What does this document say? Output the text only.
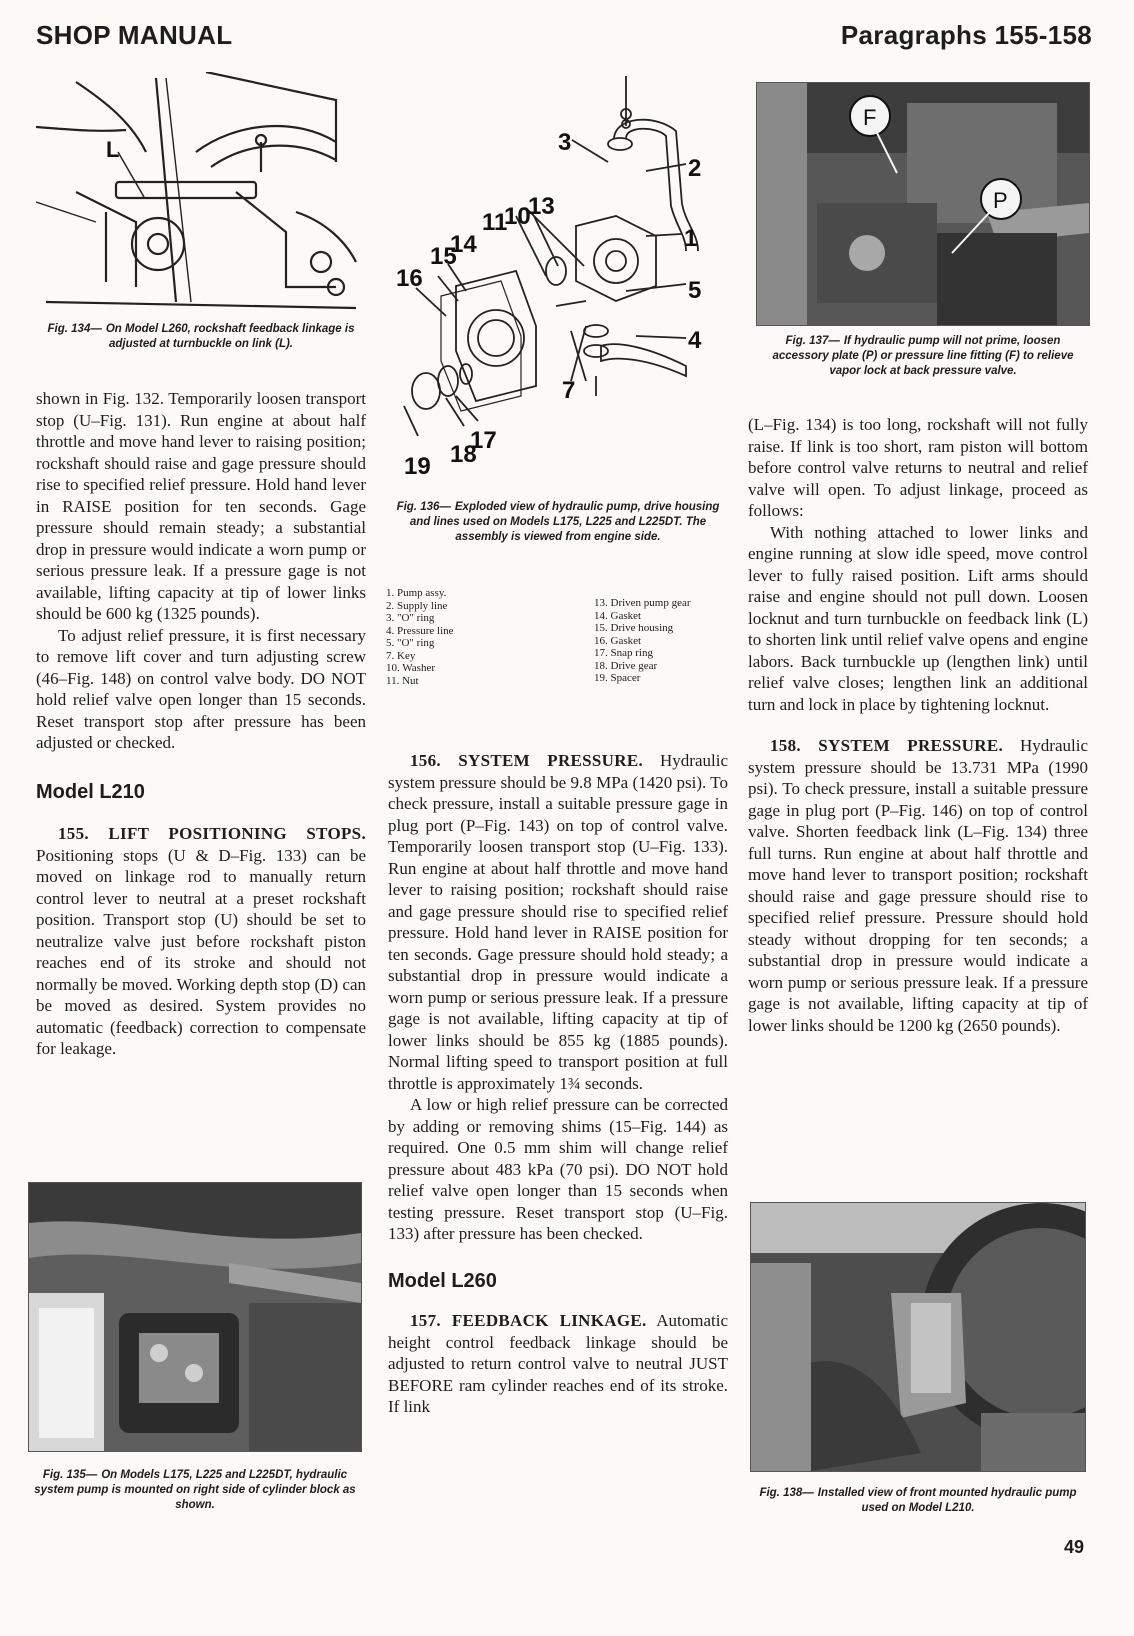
SHOP MANUAL	Paragraphs 155-158
L

Fig. 134— On Model L260, rockshaft feedback linkage is adjusted at turnbuckle on link (L).

shown in Fig. 132. Temporarily loosen transport stop (U–Fig. 131). Run engine at about half throttle and move hand lever to raising position; rockshaft should raise and gage pressure should rise to specified relief pressure. Hold hand lever in RAISE position for ten seconds. Gage pressure should remain steady; a substantial drop in pressure would indicate a worn pump or serious pressure leak. If a pressure gage is not available, lifting capacity at tip of lower links should be 600 kg (1325 pounds).

To adjust relief pressure, it is first necessary to remove lift cover and turn adjusting screw (46–Fig. 148) on control valve body. DO NOT hold relief valve open longer than 15 seconds. Reset transport stop after pressure has been adjusted or checked.

Model L210

155. LIFT POSITIONING STOPS. Positioning stops (U & D–Fig. 133) can be moved on linkage rod to manually return control lever to neutral at a preset rockshaft position. Transport stop (U) should be set to neutralize valve just before rockshaft piston reaches end of its stroke and should not normally be moved. Working depth stop (D) can be moved as desired. System provides no automatic (feedback) correction to compensate for leakage.

Fig. 135— On Models L175, L225 and L225DT, hydraulic system pump is mounted on right side of cylinder block as shown.

3
2
13
11
10
1
15
14
16	5
4
7
17
18
19

Fig. 136— Exploded view of hydraulic pump, drive housing and lines used on Models L175, L225 and L225DT. The assembly is viewed from engine side.

1. Pump assy.
2. Supply line
3. "O" ring
4. Pressure line
5. "O" ring
7. Key
10. Washer
11. Nut
13. Driven pump gear
14. Gasket
15. Drive housing
16. Gasket
17. Snap ring
18. Drive gear
19. Spacer

156. SYSTEM PRESSURE. Hydraulic system pressure should be 9.8 MPa (1420 psi). To check pressure, install a suitable pressure gage in plug port (P–Fig. 143) on top of control valve. Temporarily loosen transport stop (U–Fig. 133). Run engine at about half throttle and move hand lever to raising position; rockshaft should raise and gage pressure should rise to specified relief pressure. Hold hand lever in RAISE position for ten seconds. Gage pressure should hold steady; a substantial drop in pressure would indicate a worn pump or serious pressure leak. If a pressure gage is not available, lifting capacity at tip of lower links should be 855 kg (1885 pounds). Normal lifting speed to transport position at full throttle is approximately 1¾ seconds.

A low or high relief pressure can be corrected by adding or removing shims (15–Fig. 144) as required. One 0.5 mm shim will change relief pressure about 483 kPa (70 psi). DO NOT hold relief valve open longer than 15 seconds when testing pressure. Reset transport stop (U–Fig. 133) after pressure has been checked.

Model L260

157. FEEDBACK LINKAGE. Automatic height control feedback linkage should be adjusted to return control valve to neutral JUST BEFORE ram cylinder reaches end of its stroke. If link

F
P

Fig. 137— If hydraulic pump will not prime, loosen accessory plate (P) or pressure line fitting (F) to relieve vapor lock at back pressure valve.

(L–Fig. 134) is too long, rockshaft will not fully raise. If link is too short, ram piston will bottom before control valve returns to neutral and relief valve will open. To adjust linkage, proceed as follows:

With nothing attached to lower links and engine running at slow idle speed, move control lever to fully raised position. Lift arms should raise and engine should not pull down. Loosen locknut and turn turnbuckle on feedback link (L) to shorten link until relief valve opens and engine labors. Back turnbuckle up (lengthen link) until relief valve closes; lengthen link an additional turn and lock in place by tightening locknut.

158. SYSTEM PRESSURE. Hydraulic system pressure should be 13.731 MPa (1990 psi). To check pressure, install a suitable pressure gage in plug port (P–Fig. 146) on top of control valve. Shorten feedback link (L–Fig. 134) three full turns. Run engine at about half throttle and move hand lever to transport position; rockshaft should raise and gage pressure should rise to specified relief pressure. Pressure should hold steady without dropping for ten seconds; a substantial drop in pressure would indicate a worn pump or serious pressure leak. If a pressure gage is not available, lifting capacity at tip of lower links should be 1200 kg (2650 pounds).

Fig. 138— Installed view of front mounted hydraulic pump used on Model L210.

49
